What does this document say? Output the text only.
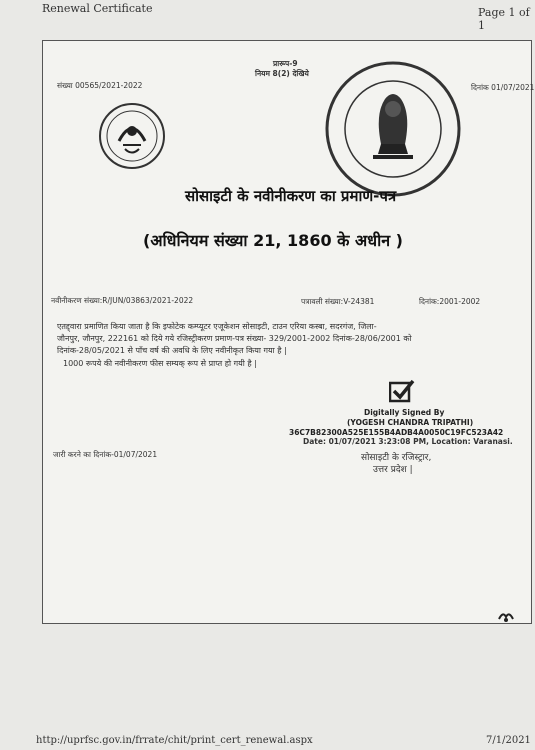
Renewal Certificate	Page 1 of 1
प्रारूप-9
नियम 8(2) देखिये
संख्या 00565/2021-2022	दिनांक 01/07/2021
सोसाइटी के नवीनीकरण का प्रमाण-पत्र
(अधिनियम संख्या 21, 1860 के अधीन )
नवीनीकरण संख्या:R/JUN/03863/2021-2022	पत्रावली संख्या:V-24381	दिनांक:2001-2002
एतद्द्वारा प्रमाणित किया जाता है कि इफोटेक कम्प्यूटर एजूकेशन सोसाइटी, टाउन एरिया कस्बा, सदरगंज, जिला-
जौनपुर, जौनपुर, 222161 को दिये गये रजिस्ट्रीकरण प्रमाण-पत्र संख्या- 329/2001-2002 दिनांक-28/06/2001 को
दिनांक-28/05/2021 से पाँच वर्ष की अवधि के लिए नवीनीकृत किया गया है |
1000 रूपये की नवीनीकरण फीस सम्यक् रूप से प्राप्त हो गयी है |
Digitally Signed By
(YOGESH CHANDRA TRIPATHI)
36C7B82300A525E155B4ADB4A0050C19FC523A42
Date: 01/07/2021 3:23:08 PM, Location: Varanasi.
सोसाइटी के रजिस्ट्रार,
उत्तर प्रदेश |
जारी करने का दिनांक-01/07/2021
http://uprfsc.gov.in/frrate/chit/print_cert_renewal.aspx	7/1/2021
